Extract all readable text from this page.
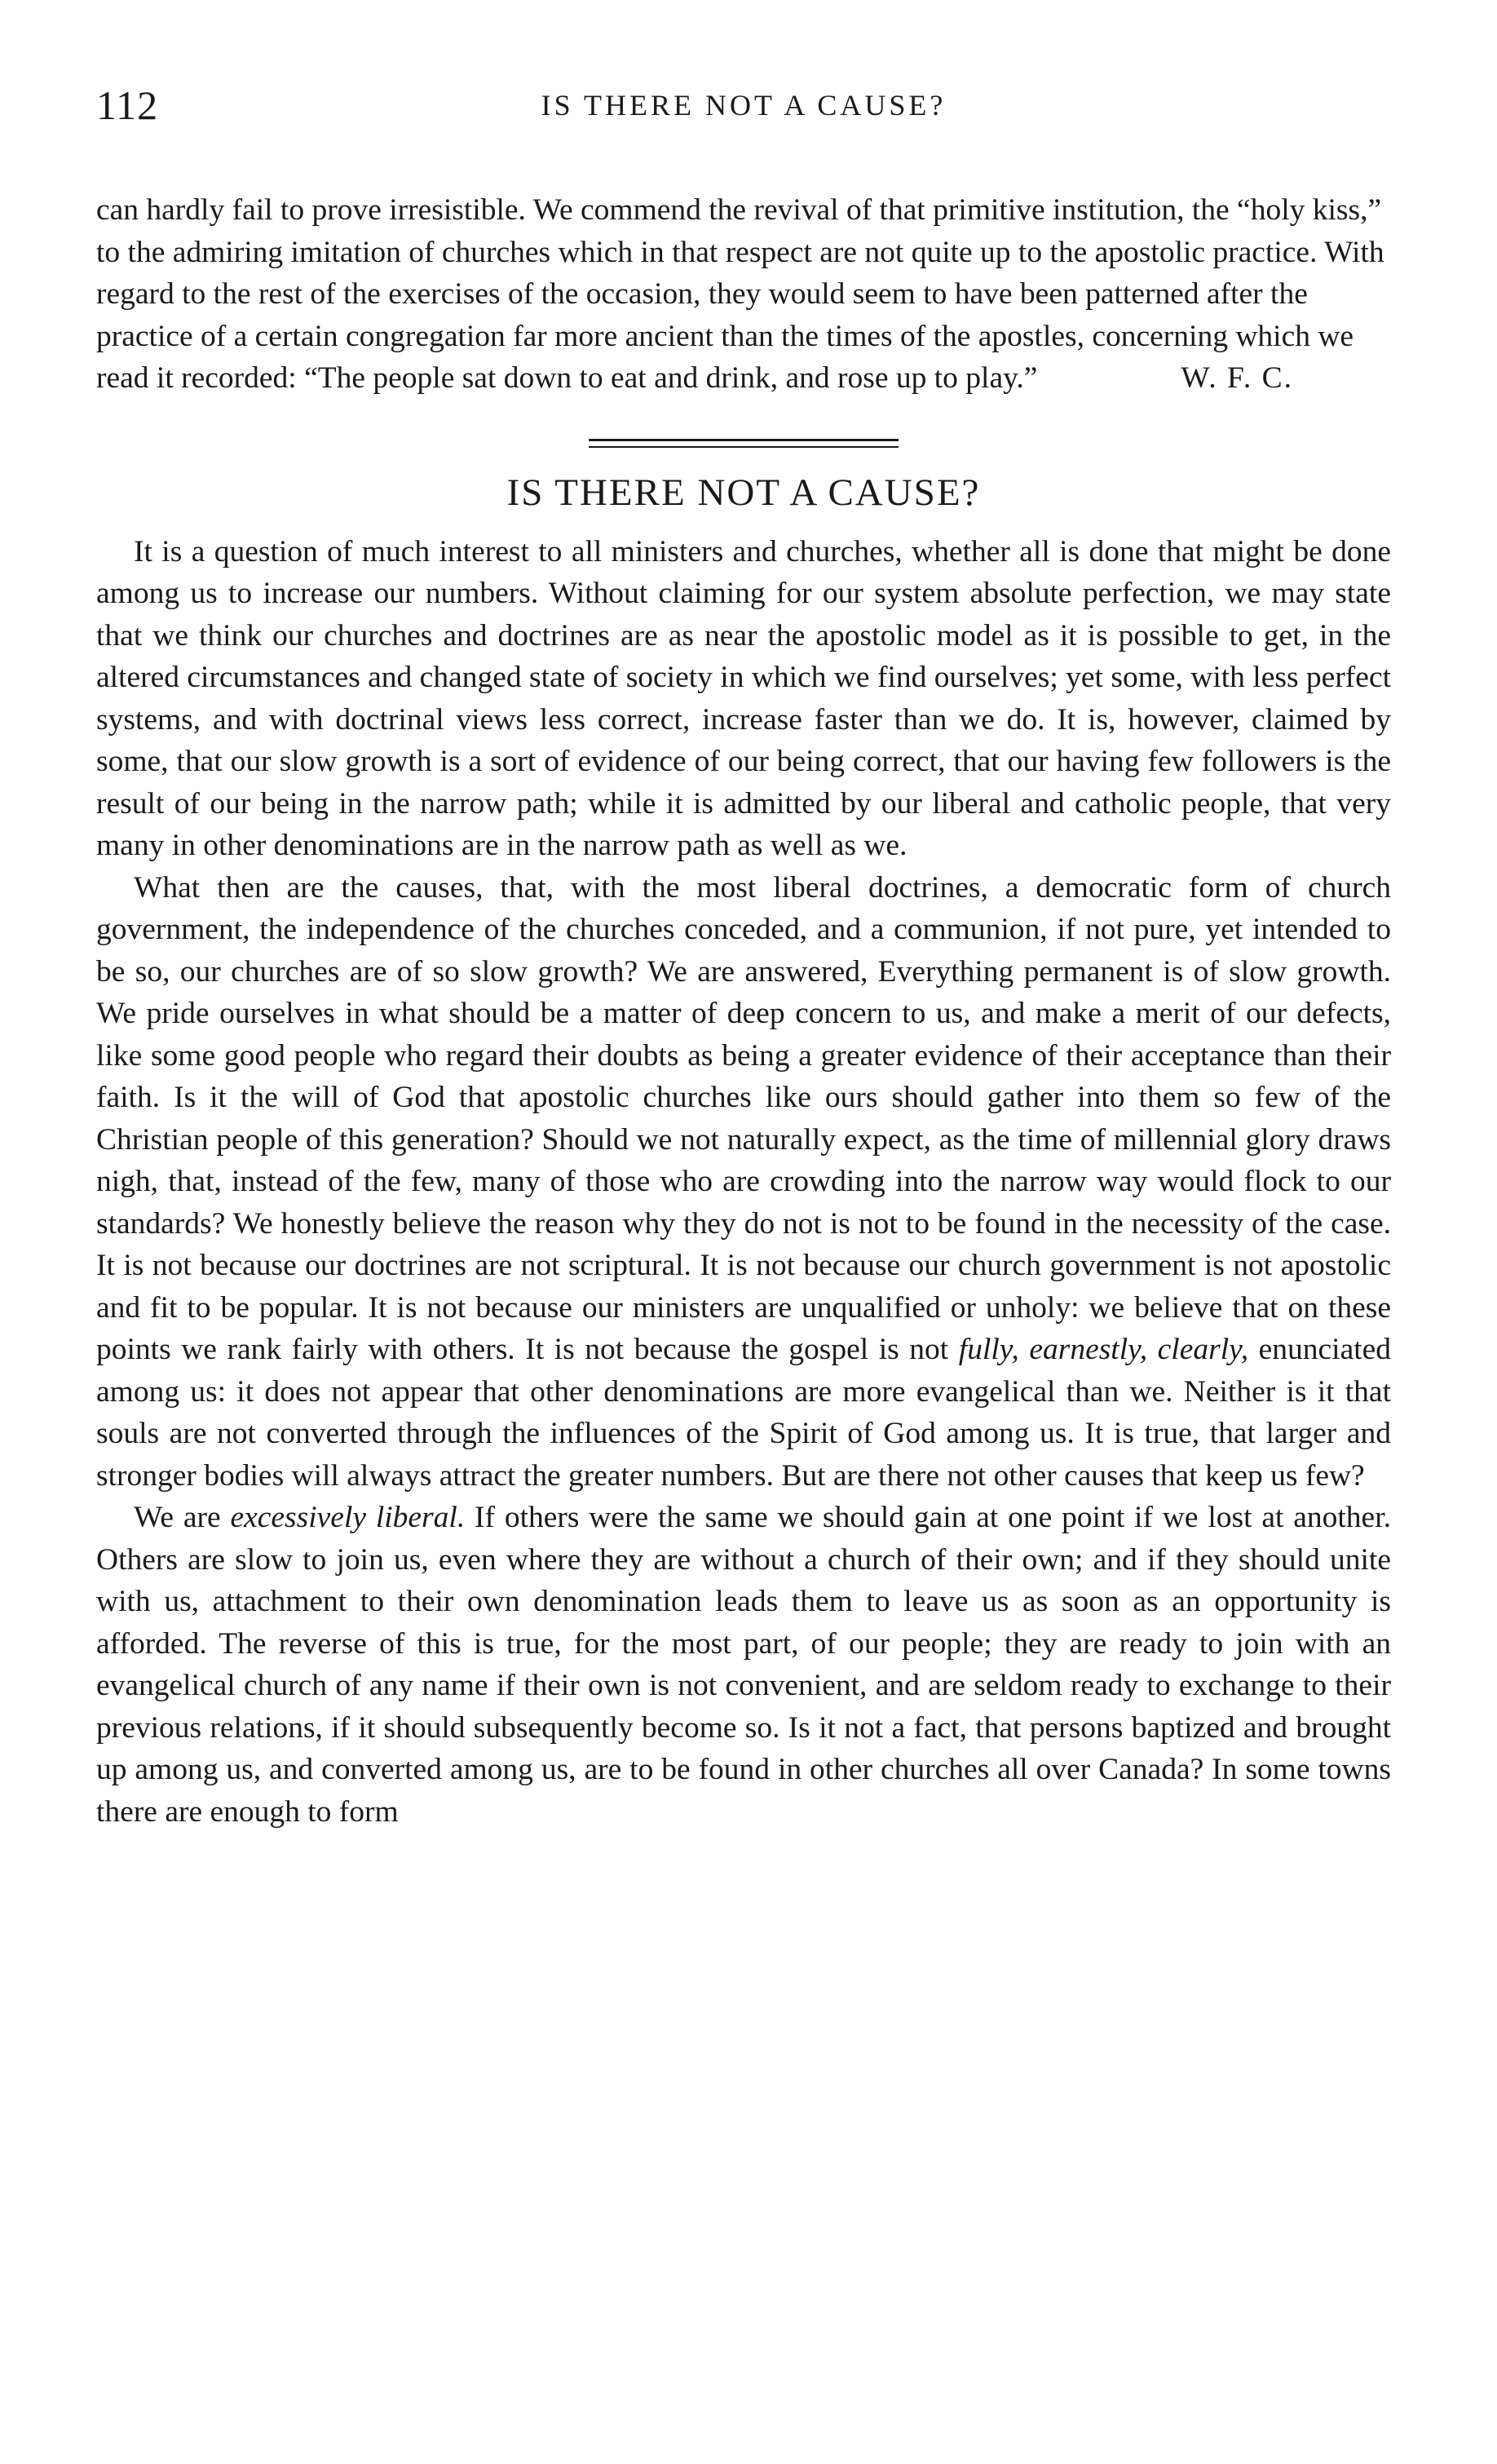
112	IS THERE NOT A CAUSE?

can hardly fail to prove irresistible. We commend the revival of that primitive institution, the “holy kiss,” to the admiring imitation of churches which in that respect are not quite up to the apostolic practice. With regard to the rest of the exercises of the occasion, they would seem to have been patterned after the practice of a certain congregation far more ancient than the times of the apostles, concerning which we read it recorded: “The people sat down to eat and drink, and rose up to play.”	W. F. C.

IS THERE NOT A CAUSE?

It is a question of much interest to all ministers and churches, whether all is done that might be done among us to increase our numbers. Without claiming for our system absolute perfection, we may state that we think our churches and doctrines are as near the apostolic model as it is possible to get, in the altered circumstances and changed state of society in which we find ourselves; yet some, with less perfect systems, and with doctrinal views less correct, increase faster than we do. It is, however, claimed by some, that our slow growth is a sort of evidence of our being correct, that our having few followers is the result of our being in the narrow path; while it is admitted by our liberal and catholic people, that very many in other denominations are in the narrow path as well as we.

What then are the causes, that, with the most liberal doctrines, a democratic form of church government, the independence of the churches conceded, and a communion, if not pure, yet intended to be so, our churches are of so slow growth? We are answered, Everything permanent is of slow growth. We pride ourselves in what should be a matter of deep concern to us, and make a merit of our defects, like some good people who regard their doubts as being a greater evidence of their acceptance than their faith. Is it the will of God that apostolic churches like ours should gather into them so few of the Christian people of this generation? Should we not naturally expect, as the time of millennial glory draws nigh, that, instead of the few, many of those who are crowding into the narrow way would flock to our standards? We honestly believe the reason why they do not is not to be found in the necessity of the case. It is not because our doctrines are not scriptural. It is not because our church government is not apostolic and fit to be popular. It is not because our ministers are unqualified or unholy: we believe that on these points we rank fairly with others. It is not because the gospel is not fully, earnestly, clearly, enunciated among us: it does not appear that other denominations are more evangelical than we. Neither is it that souls are not converted through the influences of the Spirit of God among us. It is true, that larger and stronger bodies will always attract the greater numbers. But are there not other causes that keep us few?

We are excessively liberal. If others were the same we should gain at one point if we lost at another. Others are slow to join us, even where they are without a church of their own; and if they should unite with us, attachment to their own denomination leads them to leave us as soon as an opportunity is afforded. The reverse of this is true, for the most part, of our people; they are ready to join with an evangelical church of any name if their own is not convenient, and are seldom ready to exchange to their previous relations, if it should subsequently become so. Is it not a fact, that persons baptized and brought up among us, and converted among us, are to be found in other churches all over Canada? In some towns there are enough to form
